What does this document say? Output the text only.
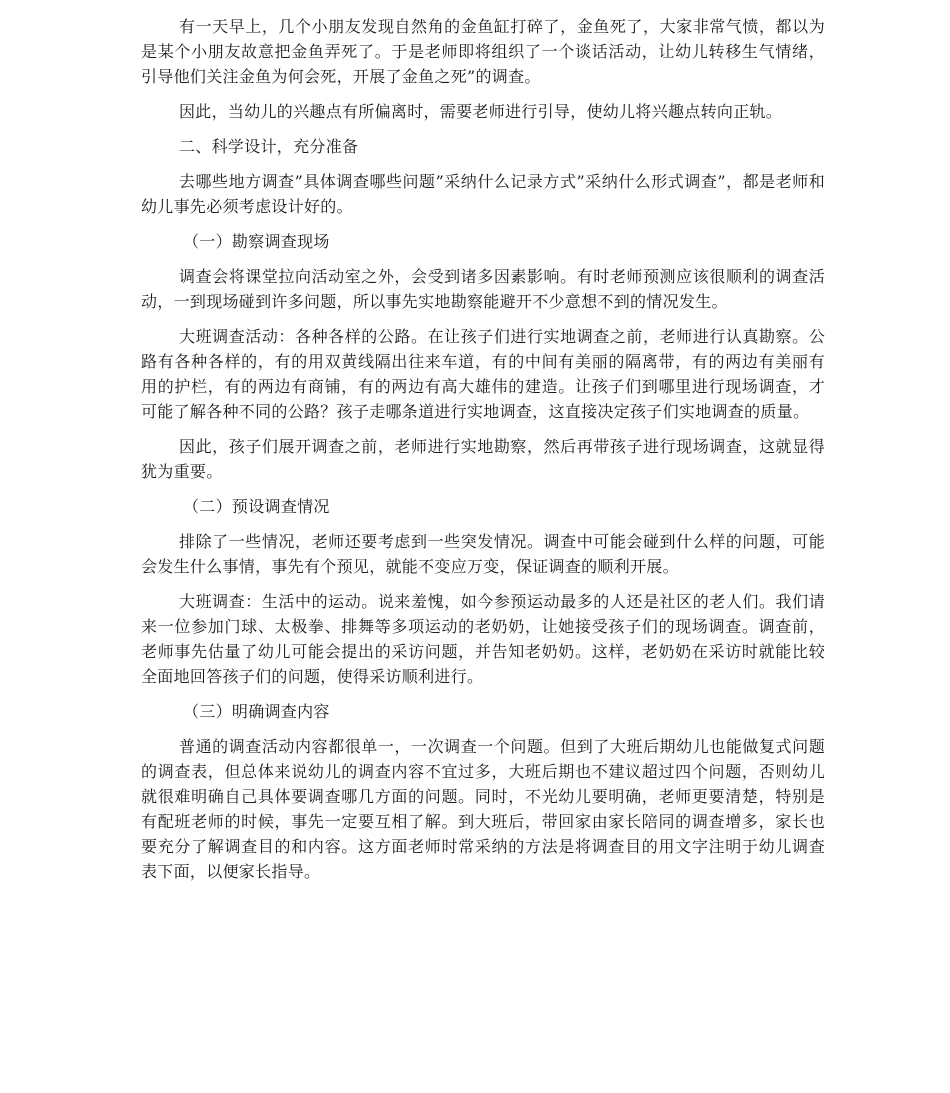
有一天早上，几个小朋友发现自然角的金鱼缸打碎了，金鱼死了，大家非常气愤，都以为是某个小朋友故意把金鱼弄死了。于是老师即将组织了一个谈话活动，让幼儿转移生气情绪，引导他们关注金鱼为何会死，开展了金鱼之死”的调查。

因此，当幼儿的兴趣点有所偏离时，需要老师进行引导，使幼儿将兴趣点转向正轨。

二、科学设计，充分准备

去哪些地方调查”具体调查哪些问题”采纳什么记录方式”采纳什么形式调查”，都是老师和幼儿事先必须考虑设计好的。

（一）勘察调查现场

调查会将课堂拉向活动室之外，会受到诸多因素影响。有时老师预测应该很顺利的调查活动，一到现场碰到许多问题，所以事先实地勘察能避开不少意想不到的情况发生。

大班调查活动：各种各样的公路。在让孩子们进行实地调查之前，老师进行认真勘察。公路有各种各样的，有的用双黄线隔出往来车道，有的中间有美丽的隔离带，有的两边有美丽有用的护栏，有的两边有商铺，有的两边有高大雄伟的建造。让孩子们到哪里进行现场调查，才可能了解各种不同的公路？孩子走哪条道进行实地调查，这直接决定孩子们实地调查的质量。

因此，孩子们展开调查之前，老师进行实地勘察，然后再带孩子进行现场调查，这就显得犹为重要。

（二）预设调查情况

排除了一些情况，老师还要考虑到一些突发情况。调查中可能会碰到什么样的问题，可能会发生什么事情，事先有个预见，就能不变应万变，保证调查的顺利开展。

大班调查：生活中的运动。说来羞愧，如今参预运动最多的人还是社区的老人们。我们请来一位参加门球、太极拳、排舞等多项运动的老奶奶，让她接受孩子们的现场调查。调查前，老师事先估量了幼儿可能会提出的采访问题，并告知老奶奶。这样，老奶奶在采访时就能比较全面地回答孩子们的问题，使得采访顺利进行。

（三）明确调查内容

普通的调查活动内容都很单一，一次调查一个问题。但到了大班后期幼儿也能做复式问题的调查表，但总体来说幼儿的调查内容不宜过多，大班后期也不建议超过四个问题，否则幼儿就很难明确自己具体要调查哪几方面的问题。同时，不光幼儿要明确，老师更要清楚，特别是有配班老师的时候，事先一定要互相了解。到大班后，带回家由家长陪同的调查增多，家长也要充分了解调查目的和内容。这方面老师时常采纳的方法是将调查目的用文字注明于幼儿调查表下面，以便家长指导。
